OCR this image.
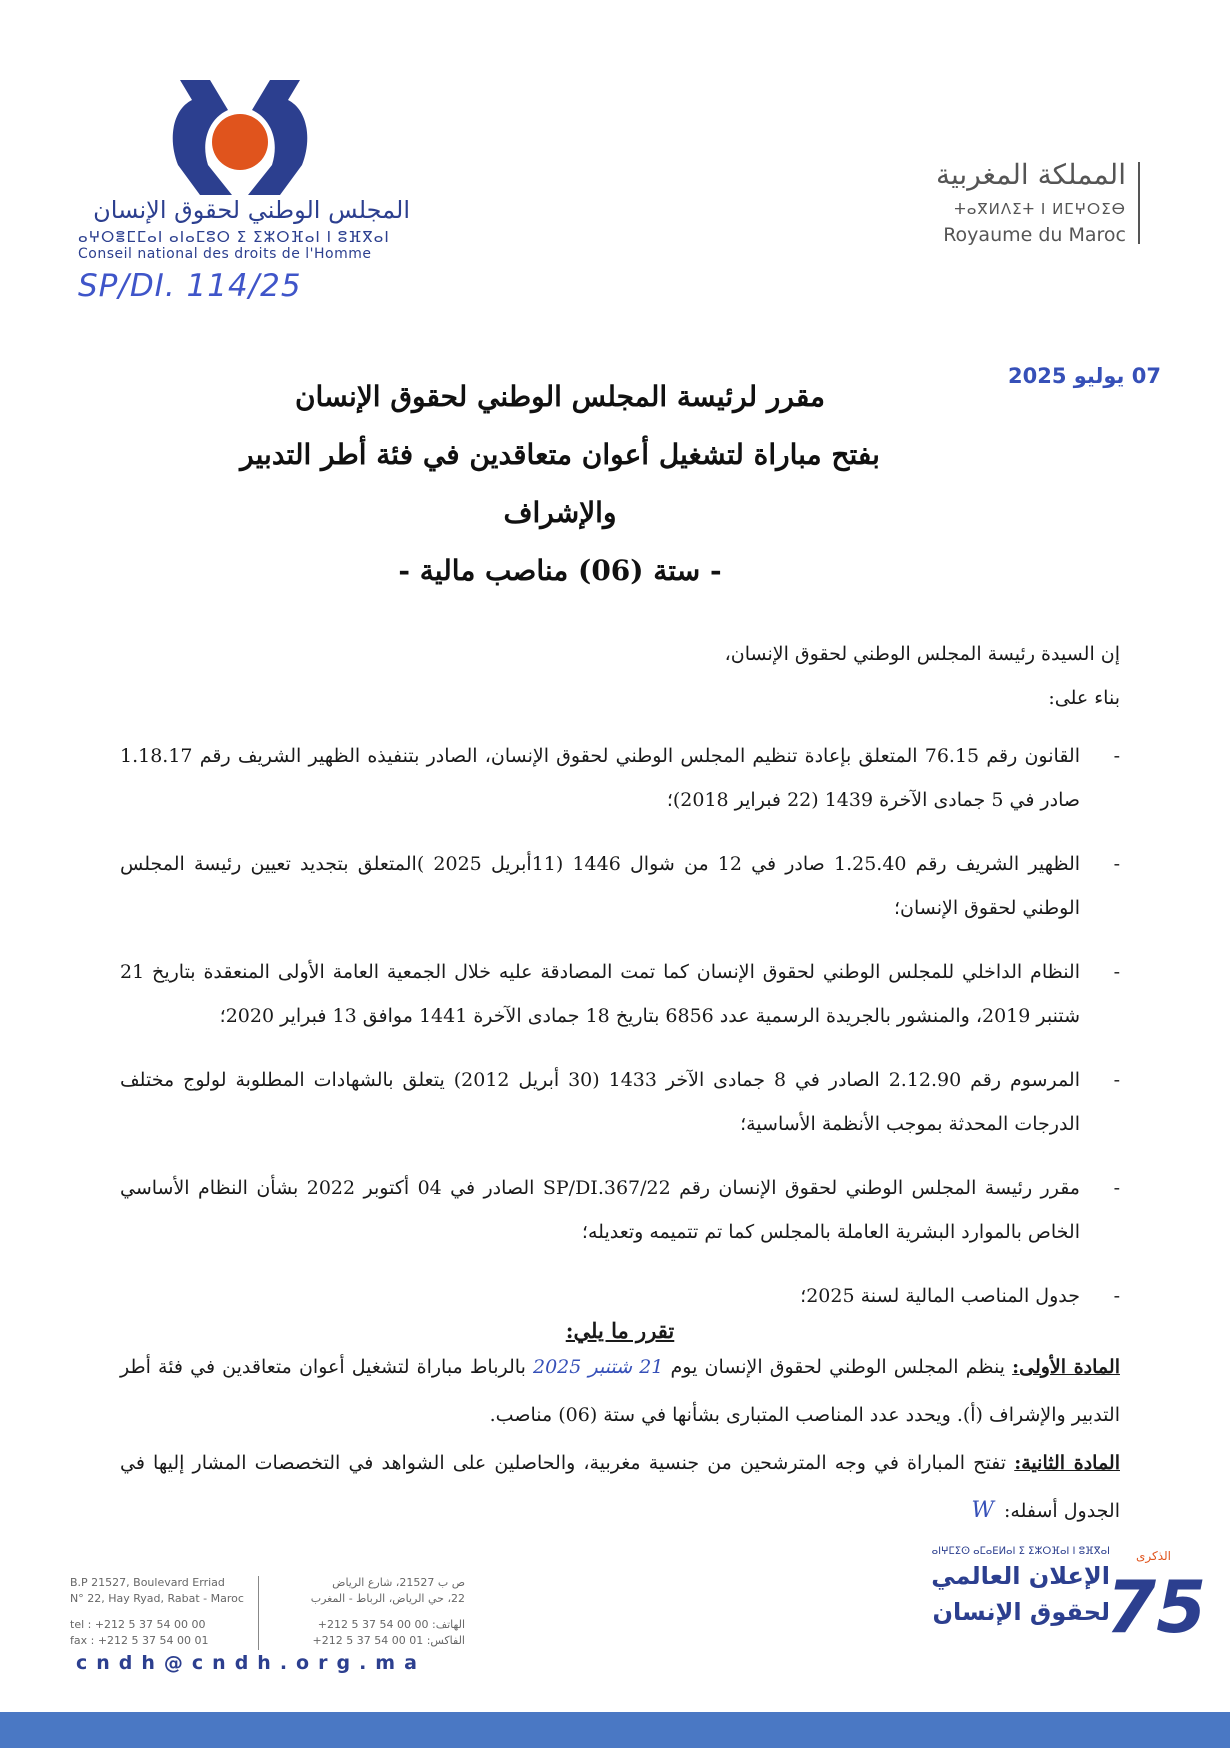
المجلس الوطني لحقوق الإنسان
ⴰⵖⵔⴻⵎⵎⴰⵏ ⴰⵏⴰⵎⵓⵔ ⵉ ⵉⵣⵔⴼⴰⵏ ⵏ ⵓⴼⴳⴰⵏ
Conseil national des droits de l'Homme
SP/DI. 114/25
المملكة المغربية
ⵜⴰⴳⵍⴷⵉⵜ ⵏ ⵍⵎⵖⵔⵉⴱ
Royaume du Maroc
07 يوليو 2025
مقرر لرئيسة المجلس الوطني لحقوق الإنسان
بفتح مباراة لتشغيل أعوان متعاقدين في فئة أطر التدبير والإشراف
- ستة (06) مناصب مالية -

إن السيدة رئيسة المجلس الوطني لحقوق الإنسان،

بناء على:

-
القانون رقم 76.15 المتعلق بإعادة تنظيم المجلس الوطني لحقوق الإنسان، الصادر بتنفيذه الظهير الشريف رقم 1.18.17 صادر في 5 جمادى الآخرة 1439 (22 فبراير 2018)؛
-
الظهير الشريف رقم 1.25.40 صادر في 12 من شوال 1446 (11أبريل 2025 )المتعلق بتجديد تعيين رئيسة المجلس الوطني لحقوق الإنسان؛
-
النظام الداخلي للمجلس الوطني لحقوق الإنسان كما تمت المصادقة عليه خلال الجمعية العامة الأولى المنعقدة بتاريخ 21 شتنبر 2019، والمنشور بالجريدة الرسمية عدد 6856 بتاريخ 18 جمادى الآخرة 1441 موافق 13 فبراير 2020؛
-
المرسوم رقم 2.12.90 الصادر في 8 جمادى الآخر 1433 (30 أبريل 2012) يتعلق بالشهادات المطلوبة لولوج مختلف الدرجات المحدثة بموجب الأنظمة الأساسية؛
-
مقرر رئيسة المجلس الوطني لحقوق الإنسان رقم SP/DI.367/22 الصادر في 04 أكتوبر 2022 بشأن النظام الأساسي الخاص بالموارد البشرية العاملة بالمجلس كما تم تتميمه وتعديله؛
-
جدول المناصب المالية لسنة 2025؛

تقرر ما يلي:

المادة الأولى: ينظم المجلس الوطني لحقوق الإنسان يوم 21 شتنبر 2025 بالرباط مباراة لتشغيل أعوان متعاقدين في فئة أطر التدبير والإشراف (أ). ويحدد عدد المناصب المتبارى بشأنها في ستة (06) مناصب.

المادة الثانية: تفتح المباراة في وجه المترشحين من جنسية مغربية، والحاصلين على الشواهد في التخصصات المشار إليها في الجدول أسفله: W

B.P 21527, Boulevard Erriad
N° 22, Hay Ryad, Rabat - Maroc
tel : +212 5 37 54 00 00
fax : +212 5 37 54 00 01
ص ب 21527، شارع الرياض
22، حي الرياض، الرباط - المغرب
الهاتف: 00 00 54 37 5 212+
الفاكس: 01 00 54 37 5 212+
cndh@cndh.org.ma
ⴰⵏⵖⵎⵉⵙ ⴰⵎⴰⴹⵍⴰⵏ ⵉ ⵉⵣⵔⴼⴰⵏ ⵏ ⵓⴼⴳⴰⵏ
الإعلان العالمي
لحقوق الإنسان
الذكرى
75
